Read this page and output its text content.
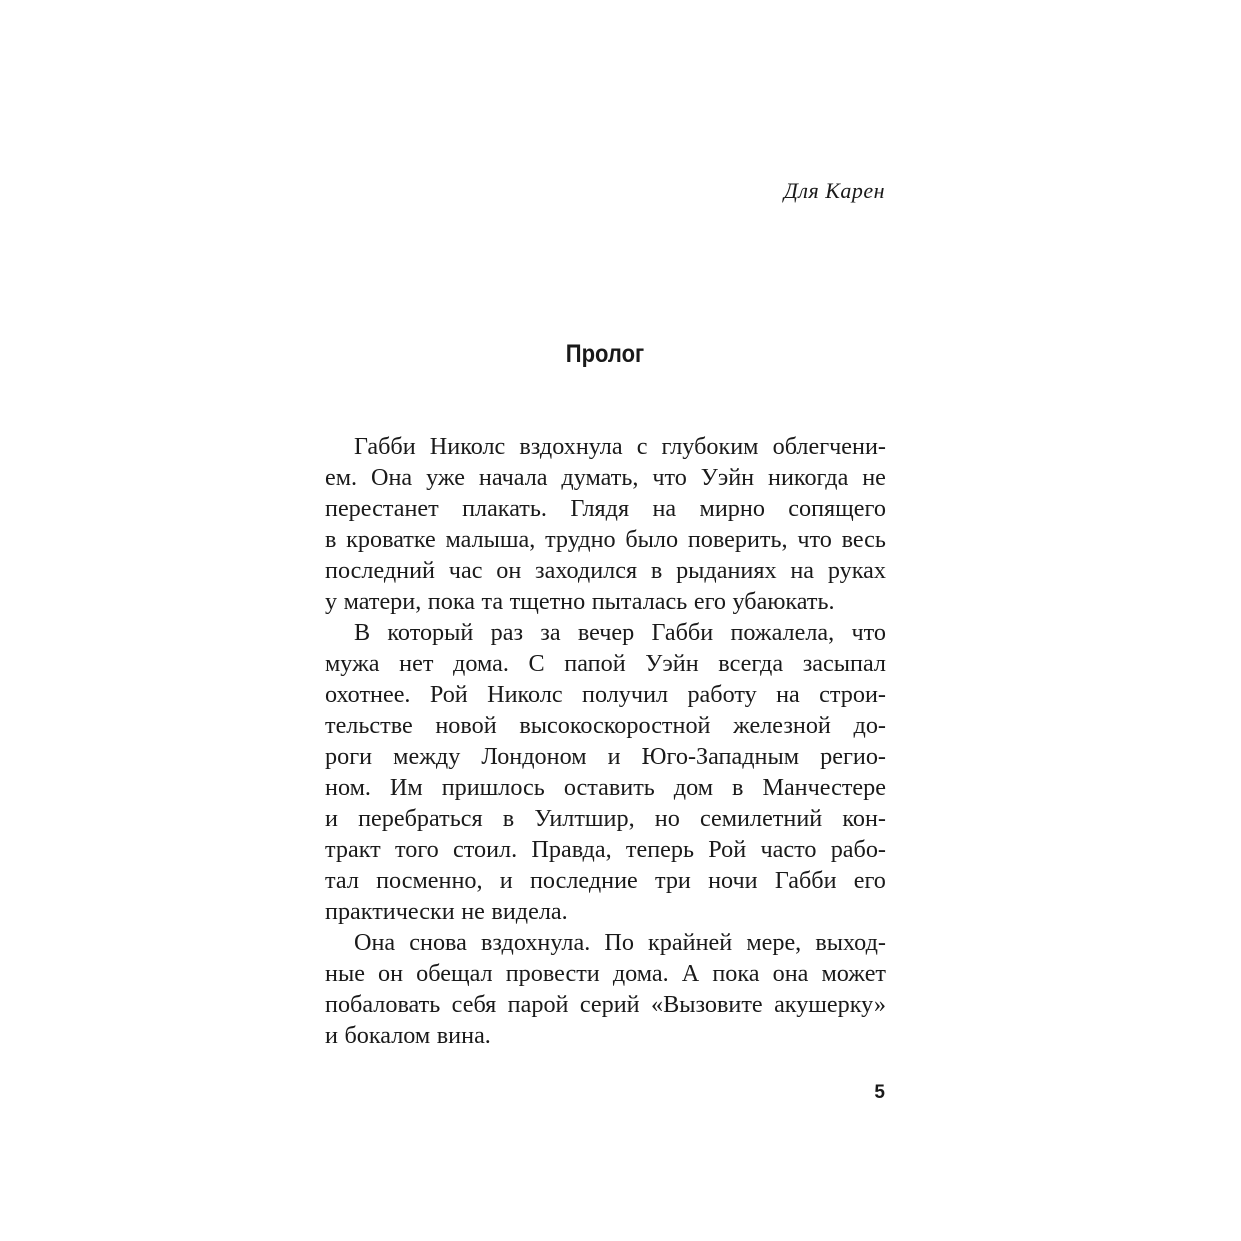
Для Карен
Пролог
Габби Николс вздохнула с глубоким облегчени-
ем. Она уже начала думать, что Уэйн никогда не
перестанет плакать. Глядя на мирно сопящего
в кроватке малыша, трудно было поверить, что весь
последний час он заходился в рыданиях на руках
у матери, пока та тщетно пыталась его убаюкать.
В который раз за вечер Габби пожалела, что
мужа нет дома. С папой Уэйн всегда засыпал
охотнее. Рой Николс получил работу на строи-
тельстве новой высокоскоростной железной до-
роги между Лондоном и Юго-Западным регио-
ном. Им пришлось оставить дом в Манчестере
и перебраться в Уилтшир, но семилетний кон-
тракт того стоил. Правда, теперь Рой часто рабо-
тал посменно, и последние три ночи Габби его
практически не видела.
Она снова вздохнула. По крайней мере, выход-
ные он обещал провести дома. А пока она может
побаловать себя парой серий «Вызовите акушерку»
и бокалом вина.
5
